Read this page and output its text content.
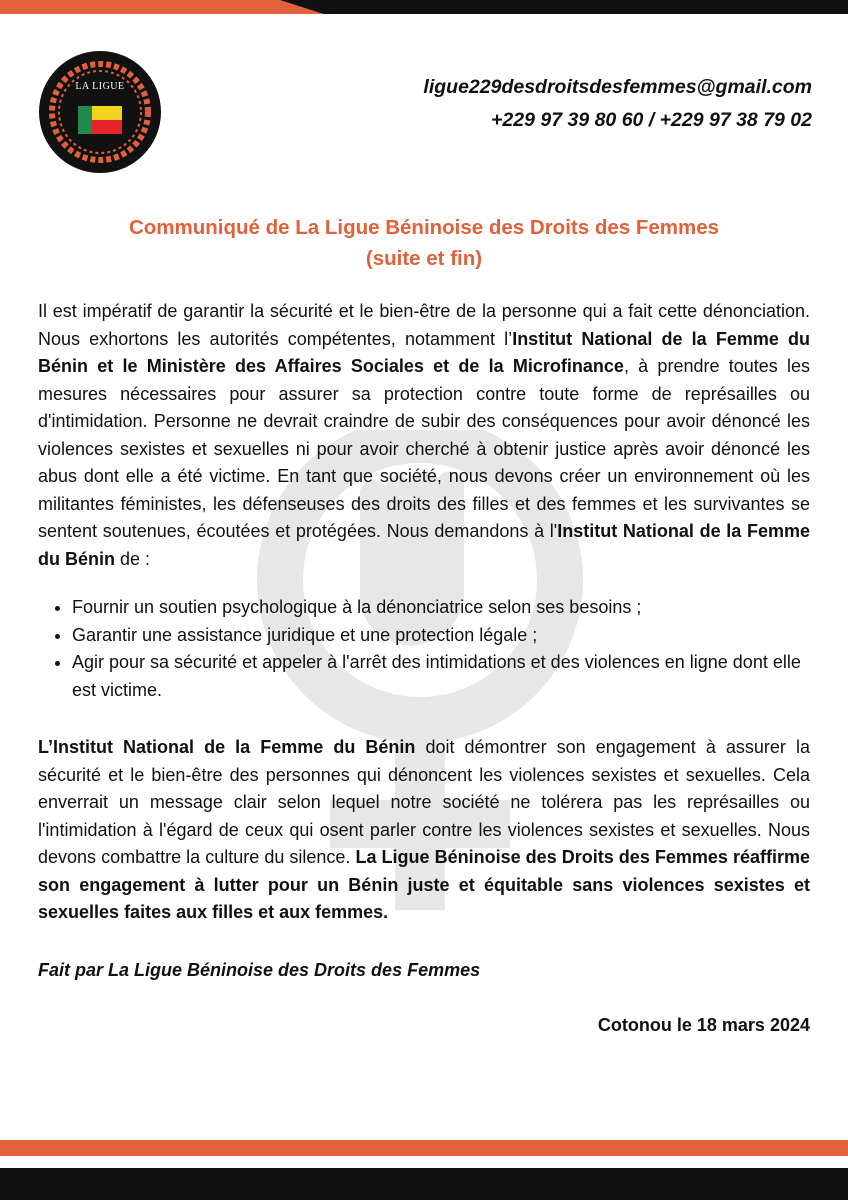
LA LIGUE	ligue229desdroitsdesfemmes@gmail.com
+229 97 39 80 60 / +229 97 38 79 02
Communiqué de La Ligue Béninoise des Droits des Femmes
(suite et fin)

Il est impératif de garantir la sécurité et le bien-être de la personne qui a fait cette dénonciation. Nous exhortons les autorités compétentes, notamment l’Institut National de la Femme du Bénin et le Ministère des Affaires Sociales et de la Microfinance, à prendre toutes les mesures nécessaires pour assurer sa protection contre toute forme de représailles ou d'intimidation. Personne ne devrait craindre de subir des conséquences pour avoir dénoncé les violences sexistes et sexuelles ni pour avoir cherché à obtenir justice après avoir dénoncé les abus dont elle a été victime. En tant que société, nous devons créer un environnement où les militantes féministes, les défenseuses des droits des filles et des femmes et les survivantes se sentent soutenues, écoutées et protégées. Nous demandons à l'Institut National de la Femme du Bénin de :

• Fournir un soutien psychologique à la dénonciatrice selon ses besoins ;
• Garantir une assistance juridique et une protection légale ;
• Agir pour sa sécurité et appeler à l'arrêt des intimidations et des violences en ligne dont elle est victime.

L’Institut National de la Femme du Bénin doit démontrer son engagement à assurer la sécurité et le bien-être des personnes qui dénoncent les violences sexistes et sexuelles. Cela enverrait un message clair selon lequel notre société ne tolérera pas les représailles ou l'intimidation à l'égard de ceux qui osent parler contre les violences sexistes et sexuelles. Nous devons combattre la culture du silence. La Ligue Béninoise des Droits des Femmes réaffirme son engagement à lutter pour un Bénin juste et équitable sans violences sexistes et sexuelles faites aux filles et aux femmes.

Fait par La Ligue Béninoise des Droits des Femmes

Cotonou le 18 mars 2024
